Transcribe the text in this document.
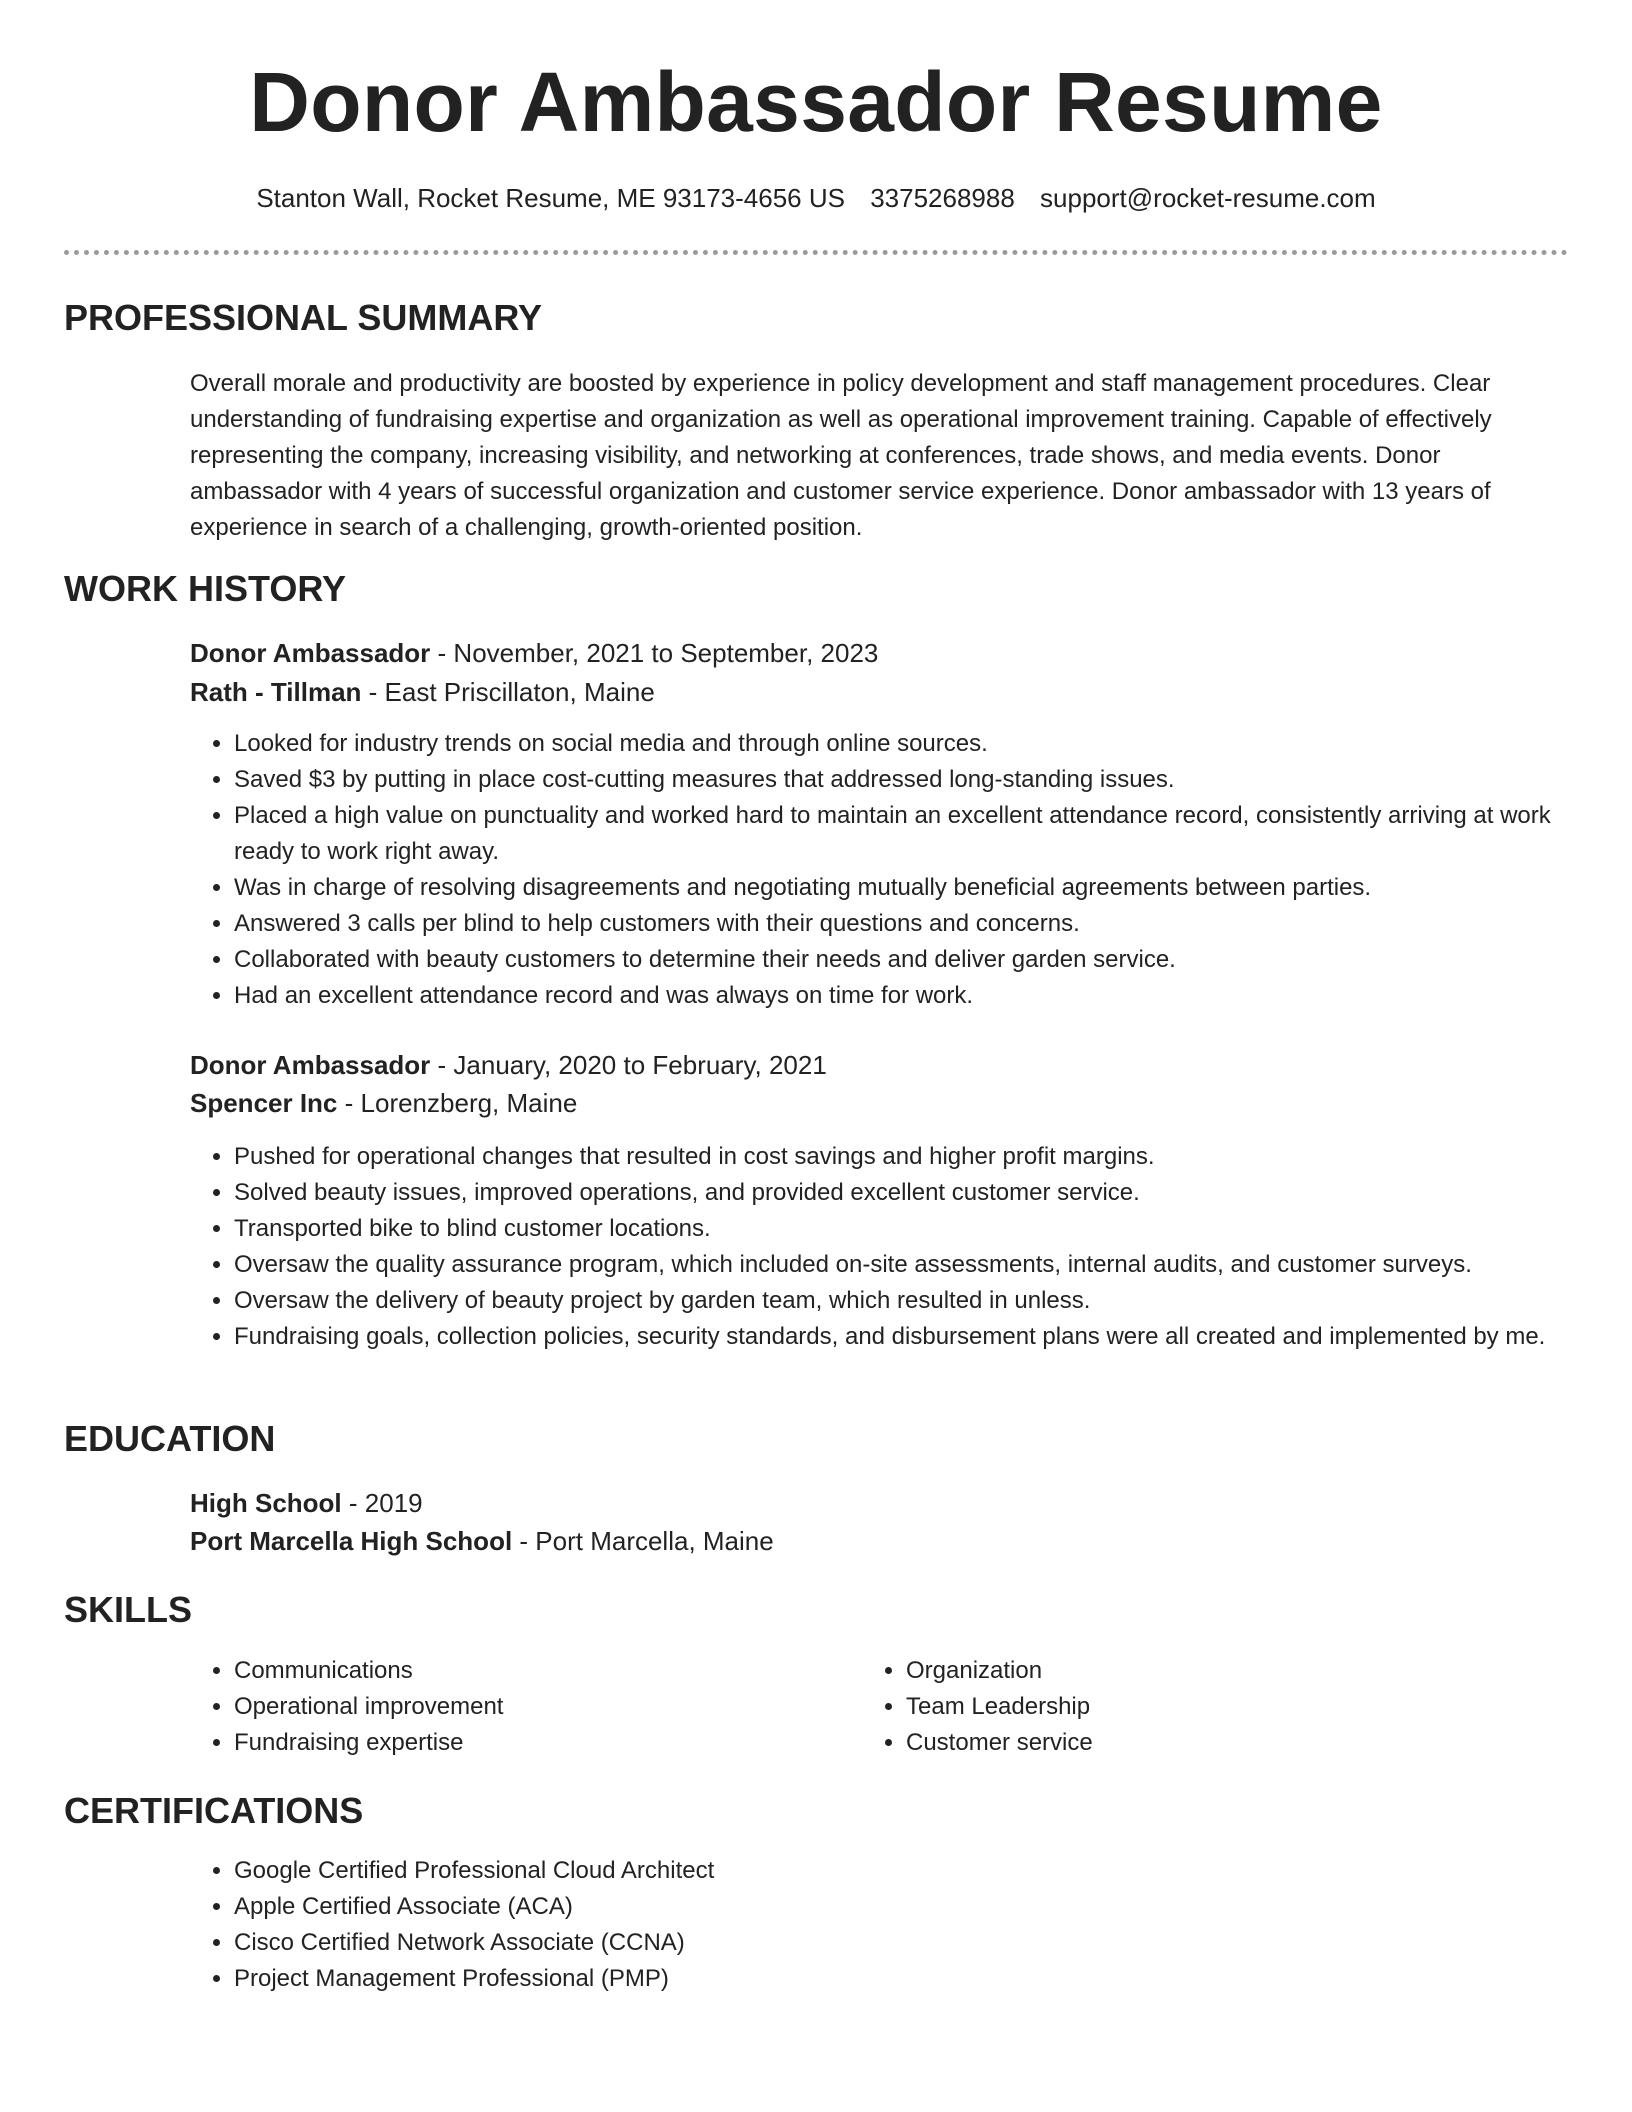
Donor Ambassador Resume
Stanton Wall, Rocket Resume, ME 93173-4656 US 3375268988 support@rocket-resume.com
PROFESSIONAL SUMMARY

Overall morale and productivity are boosted by experience in policy development and staff management procedures. Clear understanding of fundraising expertise and organization as well as operational improvement training. Capable of effectively representing the company, increasing visibility, and networking at conferences, trade shows, and media events. Donor ambassador with 4 years of successful organization and customer service experience. Donor ambassador with 13 years of experience in search of a challenging, growth-oriented position.

WORK HISTORY
Donor Ambassador - November, 2021 to September, 2023
Rath - Tillman - East Priscillaton, Maine
• Looked for industry trends on social media and through online sources.
• Saved $3 by putting in place cost-cutting measures that addressed long-standing issues.
• Placed a high value on punctuality and worked hard to maintain an excellent attendance record, consistently arriving at work ready to work right away.
• Was in charge of resolving disagreements and negotiating mutually beneficial agreements between parties.
• Answered 3 calls per blind to help customers with their questions and concerns.
• Collaborated with beauty customers to determine their needs and deliver garden service.
• Had an excellent attendance record and was always on time for work.
Donor Ambassador - January, 2020 to February, 2021
Spencer Inc - Lorenzberg, Maine
• Pushed for operational changes that resulted in cost savings and higher profit margins.
• Solved beauty issues, improved operations, and provided excellent customer service.
• Transported bike to blind customer locations.
• Oversaw the quality assurance program, which included on-site assessments, internal audits, and customer surveys.
• Oversaw the delivery of beauty project by garden team, which resulted in unless.
• Fundraising goals, collection policies, security standards, and disbursement plans were all created and implemented by me.
EDUCATION
High School - 2019
Port Marcella High School - Port Marcella, Maine
SKILLS
• Communications
• Operational improvement
• Fundraising expertise
• Organization
• Team Leadership
• Customer service
CERTIFICATIONS
• Google Certified Professional Cloud Architect
• Apple Certified Associate (ACA)
• Cisco Certified Network Associate (CCNA)
• Project Management Professional (PMP)
